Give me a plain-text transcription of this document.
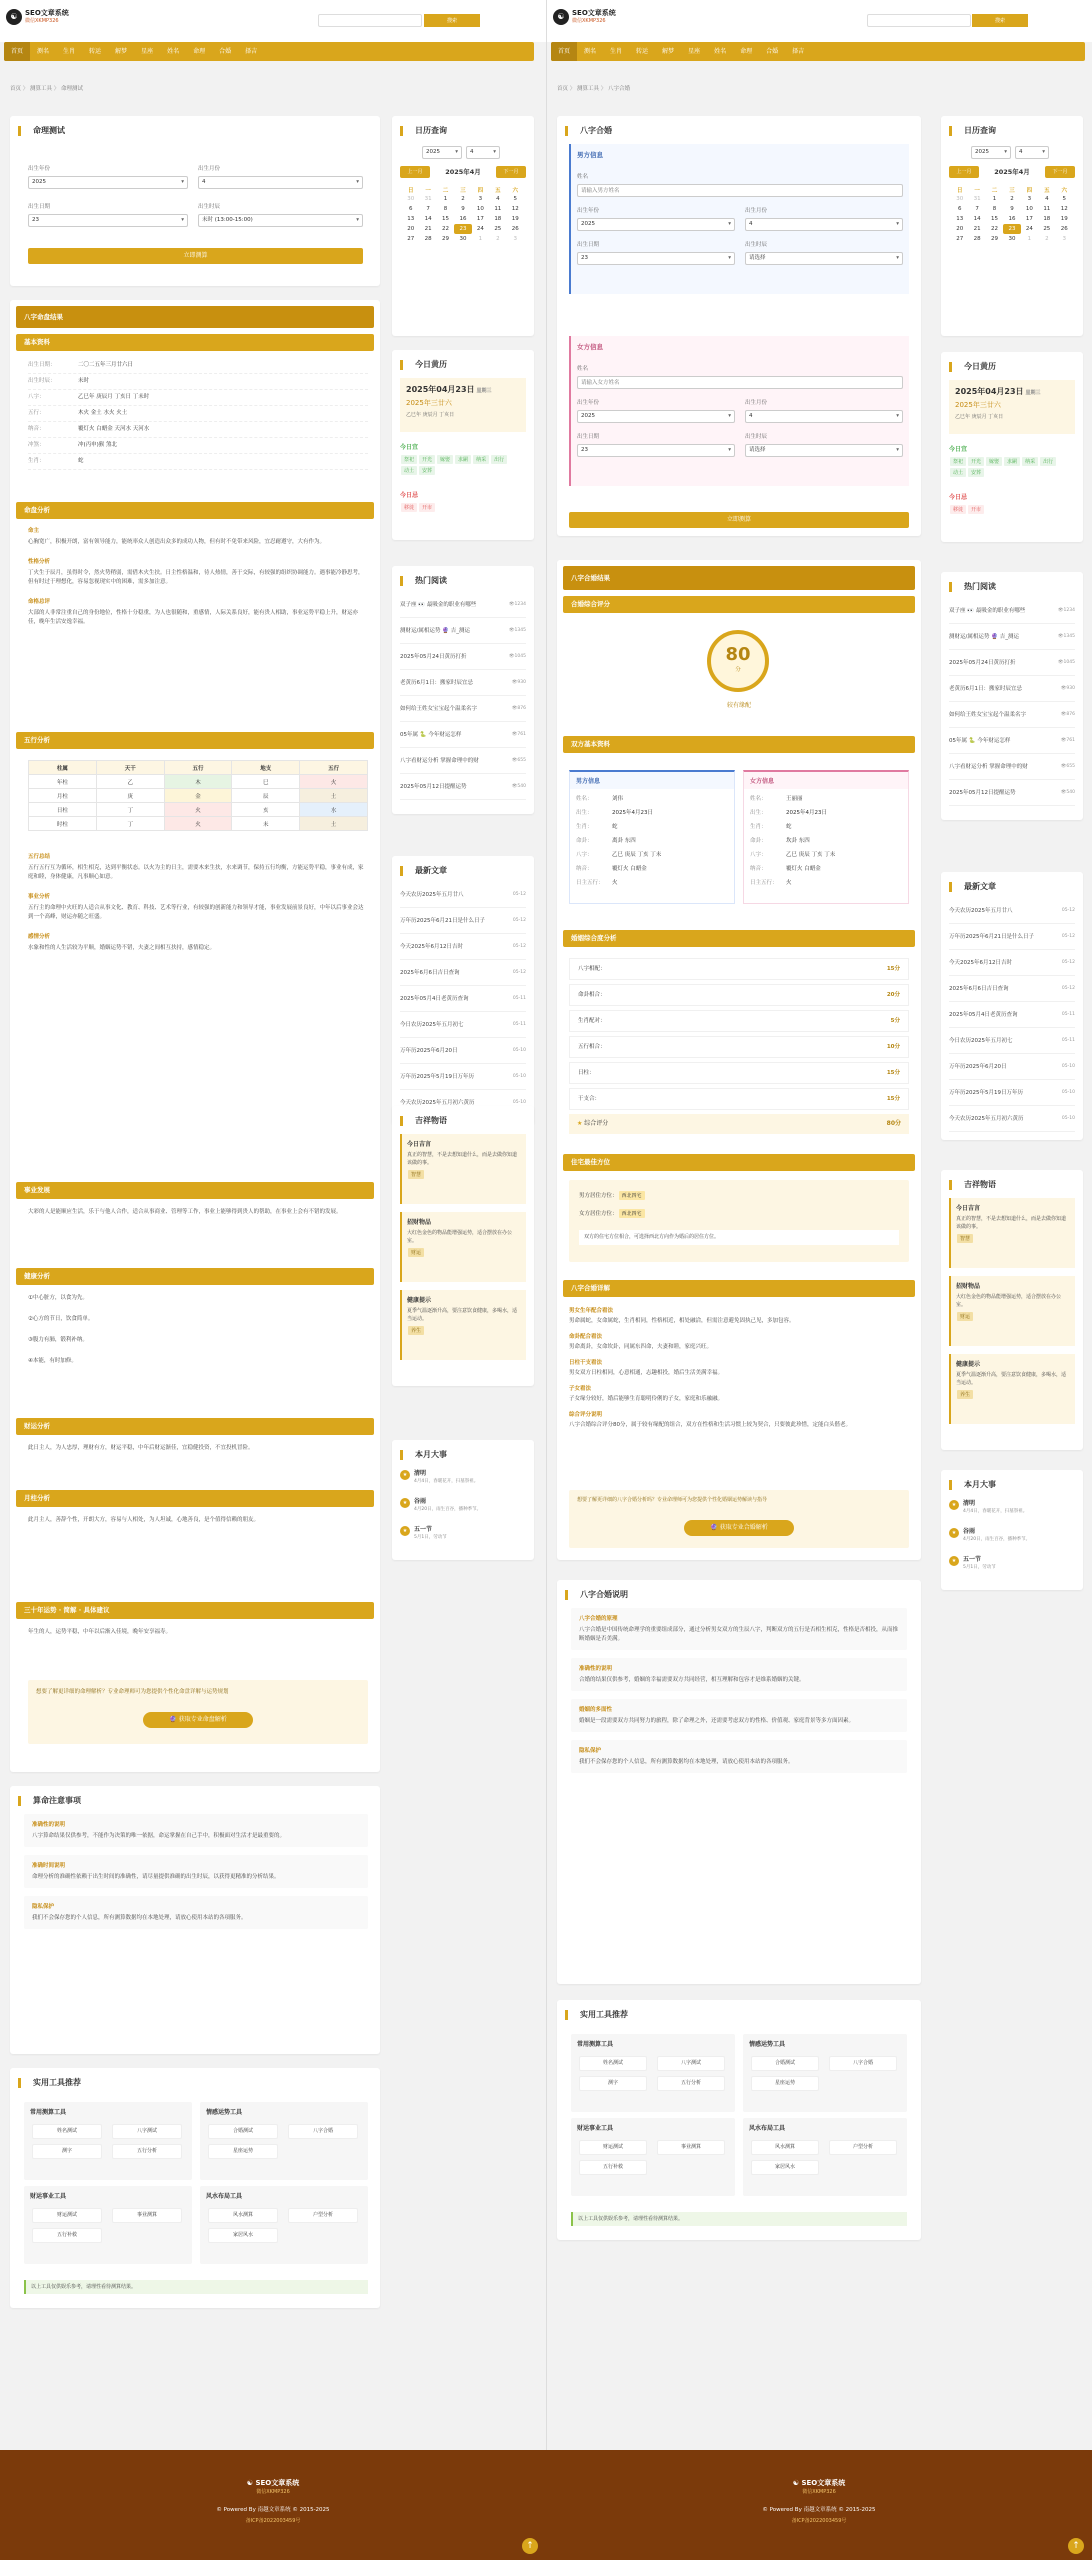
☯	SEO文章系统
微信XKMP326	搜索
首页	测名	生肖	转运	解梦	星座	姓名	命理	合婚	择吉
首页 〉 测算工具 〉 命理测试
命理测试
出生年份
2025 ▾
出生月份
4 ▾
出生日期
23 ▾
出生时辰
未时 (13:00-15:00) ▾
立即测算
八字命盘结果
基本资料
出生日期：	二〇二五年三月廿六日
出生时辰：	未时
八字：	乙巳年 庚辰月 丁亥日 丁未时
五行：	木火 金土 水火 火土
纳音：	覆灯火 白蜡金 天河水 天河水
冲煞：	冲(丙申)猴 煞北
生肖：	蛇
命盘分析
命主
心胸宽广，积极开朗，富有领导能力，能统率众人创造出众多的成功人物，但有时不免带来风险，宜忍耐遵守，大有作为。
性格分析
丁火生于辰月，虽得时令，然火势稍弱，需借木火生扶。日主性格温和，待人热情，善于交际，有较强的组织协调能力。遇事能冷静思考，但有时过于理想化，容易忽视现实中的困难，需多加注意。
命格总评
大部的人非常注重自己的身份地位，性格十分稳重，为人也很随和，重感情，人际关系良好，能有贵人相助，事业运势平稳上升，财运亦佳，晚年生活安逸幸福。
五行分析
柱属	天干	五行	地支	五行
年柱	乙	木	巳	火
月柱	庚	金	辰	土
日柱	丁	火	亥	水
时柱	丁	火	未	土
五行总结
五行五行互为循环，相生相克，达到平衡状态。以火为主的日主，需要木来生扶，水来调节，保持五行均衡，方能运势平稳，事业有成，家庭和睦，身体健康，凡事顺心如意。
事业分析
五行主的命理中火旺的人适合从事文化、教育、科技、艺术等行业，有较强的创新能力和领导才能，事业发展前景良好，中年以后事业会达到一个高峰，财运亦随之旺盛。
感情分析
水象和性的人生活较为平顺，婚姻运势不错，夫妻之间相互扶持，感情稳定。
事业发展
大彩的人是能顺应生活，乐于与他人合作，适合从事商业、管理等工作，事业上能够得到贵人的帮助，在事业上会有不错的发展。
健康分析
①中心脏方，以食为先。
②心方的节日，饮食简单。
③腹力有肺，锻利补纳。
④本能，有时加修。
财运分析
此日主人，为人忠厚，理财有方，财运平稳，中年后财运渐佳，宜稳健投资，不宜投机冒险。
月柱分析
此月主人，善辞个性，开朗大方，容易与人相处，为人坦诚，心地善良，是个值得信赖的朋友。
三十年运势 · 简解 · 具体建议
年生的人，运势平稳，中年以后渐入佳境，晚年安享福寿。
想要了解更详细的命理解析？专业命理师可为您提供个性化命盘详解与运势规划
🔮 获取专业命盘解析
算命注意事项
准确性的说明
八字算命结果仅供参考，不能作为决策的唯一依据，命运掌握在自己手中，积极面对生活才是最重要的。
准确时间说明
命理分析的准确性依赖于出生时间的准确性，请尽量提供准确的出生时辰，以获得更精准的分析结果。
隐私保护
我们不会保存您的个人信息，所有测算数据均在本地处理，请放心使用本站的各项服务。
实用工具推荐
常用测算工具
姓名测试	八字测试
测字	五行分析
情感运势工具
合婚测试	八字合婚
星座运势
财运事业工具
财运测试	事业测算
五行补救
风水布局工具
风水测算	户型分析
家居风水
以上工具仅供娱乐参考，请理性看待测算结果。
日历查询
2025 ▾	4 ▾
上一月	2025年4月	下一月
日	一	二	三	四	五	六
30	31	1	2	3	4	5
6	7	8	9	10	11	12
13	14	15	16	17	18	19
20	21	22	23	24	25	26
27	28	29	30	1	2	3
今日黄历
2025年04月23日 星期三
2025年三廿六
乙巳年 庚辰月 丁亥日
今日宜
祭祀 开光 嫁娶 求嗣 纳采 出行动土 安葬
今日忌
移徙 开市
热门阅读
双子座 👀 最吸金的职业有哪些	👁1234
测财运/属相运势 🔮 吉_测运	👁1345
2025年05月24日黄历打折	👁1045
老黄历6月1日：搬家时辰宜忌	👁930
如何给王姓女宝宝起个温柔名字	👁876
05年属 🐍 今年财运怎样	👁761
八字看财运分析 掌握命理中的财	👁655
2025年05月12日提醒运势	👁540
最新文章
今天农历2025年五月廿八	05-12
万年历2025年6月21日是什么日子	05-12
今天2025年6月12日吉时	05-12
2025年6月6日吉日查询	05-12
2025年05月4日老黄历查询	05-11
今日农历2025年五月初七	05-11
万年历2025年6月20日	05-10
万年历2025年5月19日万年历	05-10
今天农历2025年五月初六黄历	05-10
吉祥物语
今日吉言
真正的智慧，不是去想知道什么，而是去做你知道该做的事。
智慧
招财物品
大红色金色的物品能增强运势，适合摆放在办公室。
财运
健康提示
夏季气温逐渐升高，要注意饮食健康，多喝水，适当运动。
养生
本月大事
★	清明
4月4日，春暖花开，扫墓祭祖。
★	谷雨
4月20日，雨生百谷，播种季节。
★	五一节
5月1日，劳动节
☯	SEO文章系统
微信XKMP326	搜索
首页	测名	生肖	转运	解梦	星座	姓名	命理	合婚	择吉
首页 〉 测算工具 〉 八字合婚
八字合婚
男方信息
姓名
请输入男方姓名
出生年份
2025 ▾
出生月份
4 ▾
出生日期
23 ▾
出生时辰
请选择 ▾
女方信息
姓名
请输入女方姓名
出生年份
2025 ▾
出生月份
4 ▾
出生日期
23 ▾
出生时辰
请选择 ▾
立即测算
八字合婚结果
合婚综合评分
80
分
较有缘配
双方基本资料
男方信息
姓名：	刘伟
出生：	2025年4月23日
生肖：	蛇
命卦：	离卦 东四
八字：	乙巳 庚辰 丁亥 丁未
纳音：	覆灯火 白蜡金
日主五行： 火
女方信息
姓名：	王丽丽
出生：	2025年4月23日
生肖：	蛇
命卦：	坎卦 东四
八字：	乙巳 庚辰 丁亥 丁未
纳音：	覆灯火 白蜡金
日主五行： 火
婚姻综合度分析
八字相配：	15分
命卦相合：	20分
生肖配对：	5分
五行相合：	10分
日柱：	15分
干支合：	15分
★ 综合评分	80分
住宅最佳方位
男方居住方位： 西北四宅
女方居住方位： 西北四宅
双方的住宅方位相合，可选择西北方向作为婚后的居住方位。
八字合婚详解
男女生年配合看法
男命属蛇，女命属蛇，生肖相同，性格相近，相处融洽，但需注意避免固执己见，多加包容。
命卦配合看法
男命离卦，女命坎卦，同属东四命，夫妻和睦，家庭兴旺。
日柱干支看法
男女双方日柱相同，心意相通，志趣相投，婚后生活美满幸福。
子女看法
子女缘分较好，婚后能够生育聪明伶俐的子女，家庭和乐融融。
综合评分说明
八字合婚综合评分80分，属于较有缘配的组合，双方在性格和生活习惯上较为契合，只要彼此珍惜，定能白头偕老。
想要了解更详细的八字合婚分析吗？专业命理师可为您提供个性化婚姻运势解读与指导
🔮 获取专业合婚解析
八字合婚说明
八字合婚的原理
八字合婚是中国传统命理学的重要组成部分，通过分析男女双方的生辰八字，判断双方的五行是否相生相克，性格是否相投，从而推断婚姻是否美满。
准确性的说明
合婚的结果仅供参考，婚姻的幸福需要双方共同经营，相互理解和包容才是维系婚姻的关键。
婚姻的多面性
婚姻是一段需要双方共同努力的旅程，除了命理之外，还需要考虑双方的性格、价值观、家庭背景等多方面因素。
隐私保护
我们不会保存您的个人信息，所有测算数据均在本地处理，请放心使用本站的各项服务。
实用工具推荐
常用测算工具
姓名测试	八字测试
测字	五行分析
情感运势工具
合婚测试	八字合婚
星座运势
财运事业工具
财运测试	事业测算
五行补救
风水布局工具
风水测算	户型分析
家居风水
以上工具仅供娱乐参考，请理性看待测算结果。
日历查询
2025 ▾	4 ▾
上一月	2025年4月	下一月
日	一	二	三	四	五	六
30	31	1	2	3	4	5
6	7	8	9	10	11	12
13	14	15	16	17	18	19
20	21	22	23	24	25	26
27	28	29	30	1	2	3
今日黄历
2025年04月23日 星期三
2025年三廿六
乙巳年 庚辰月 丁亥日
今日宜
祭祀 开光 嫁娶 求嗣 纳采 出行动土 安葬
今日忌
移徙 开市
热门阅读
双子座 👀 最吸金的职业有哪些	👁1234
测财运/属相运势 🔮 吉_测运	👁1345
2025年05月24日黄历打折	👁1045
老黄历6月1日：搬家时辰宜忌	👁930
如何给王姓女宝宝起个温柔名字	👁876
05年属 🐍 今年财运怎样	👁761
八字看财运分析 掌握命理中的财	👁655
2025年05月12日提醒运势	👁540
最新文章
今天农历2025年五月廿八	05-12
万年历2025年6月21日是什么日子	05-12
今天2025年6月12日吉时	05-12
2025年6月6日吉日查询	05-12
2025年05月4日老黄历查询	05-11
今日农历2025年五月初七	05-11
万年历2025年6月20日	05-10
万年历2025年5月19日万年历	05-10
今天农历2025年五月初六黄历	05-10
吉祥物语
今日吉言
真正的智慧，不是去想知道什么，而是去做你知道该做的事。
智慧
招财物品
大红色金色的物品能增强运势，适合摆放在办公室。
财运
健康提示
夏季气温逐渐升高，要注意饮食健康，多喝水，适当运动。
养生
本月大事
★	清明
4月4日，春暖花开，扫墓祭祖。
★	谷雨
4月20日，雨生百谷，播种季节。
★	五一节
5月1日，劳动节
☯ SEO文章系统
微信XKMP326
© Powered By 南越文章系统 © 2015-2025
备ICP备2022003459号
↑
☯ SEO文章系统
微信XKMP326
© Powered By 南越文章系统 © 2015-2025
备ICP备2022003459号
↑
